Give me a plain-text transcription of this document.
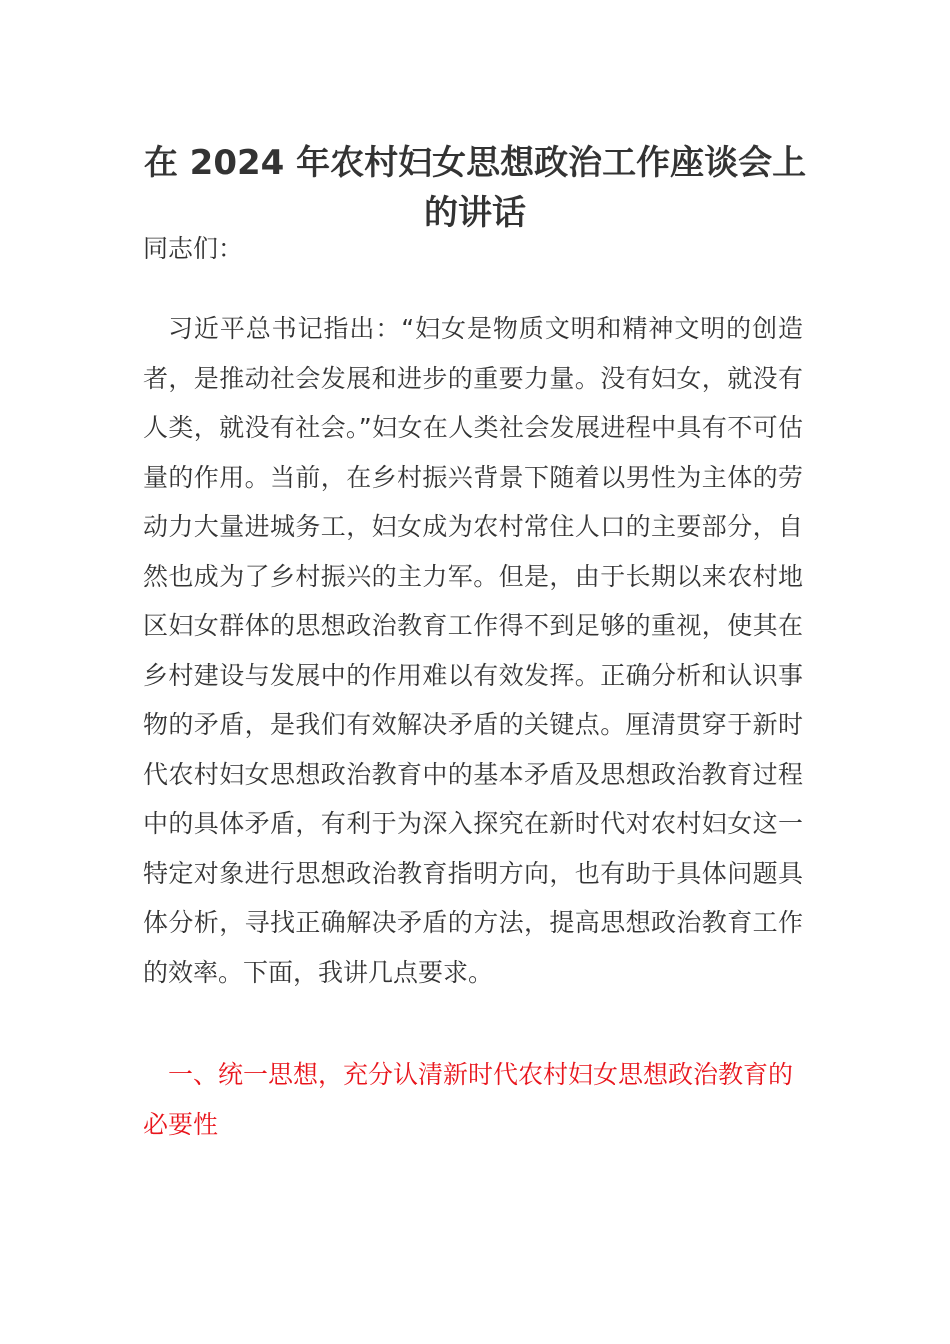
在 2024 年农村妇女思想政治工作座谈会上的讲话

同志们：

习近平总书记指出：“妇女是物质文明和精神文明的创造者，是推动社会发展和进步的重要力量。没有妇女，就没有人类，就没有社会。”妇女在人类社会发展进程中具有不可估量的作用。当前，在乡村振兴背景下随着以男性为主体的劳动力大量进城务工，妇女成为农村常住人口的主要部分，自然也成为了乡村振兴的主力军。但是，由于长期以来农村地区妇女群体的思想政治教育工作得不到足够的重视，使其在乡村建设与发展中的作用难以有效发挥。正确分析和认识事物的矛盾，是我们有效解决矛盾的关键点。厘清贯穿于新时代农村妇女思想政治教育中的基本矛盾及思想政治教育过程中的具体矛盾，有利于为深入探究在新时代对农村妇女这一特定对象进行思想政治教育指明方向，也有助于具体问题具体分析，寻找正确解决矛盾的方法，提高思想政治教育工作的效率。下面，我讲几点要求。

一、统一思想，充分认清新时代农村妇女思想政治教育的必要性
